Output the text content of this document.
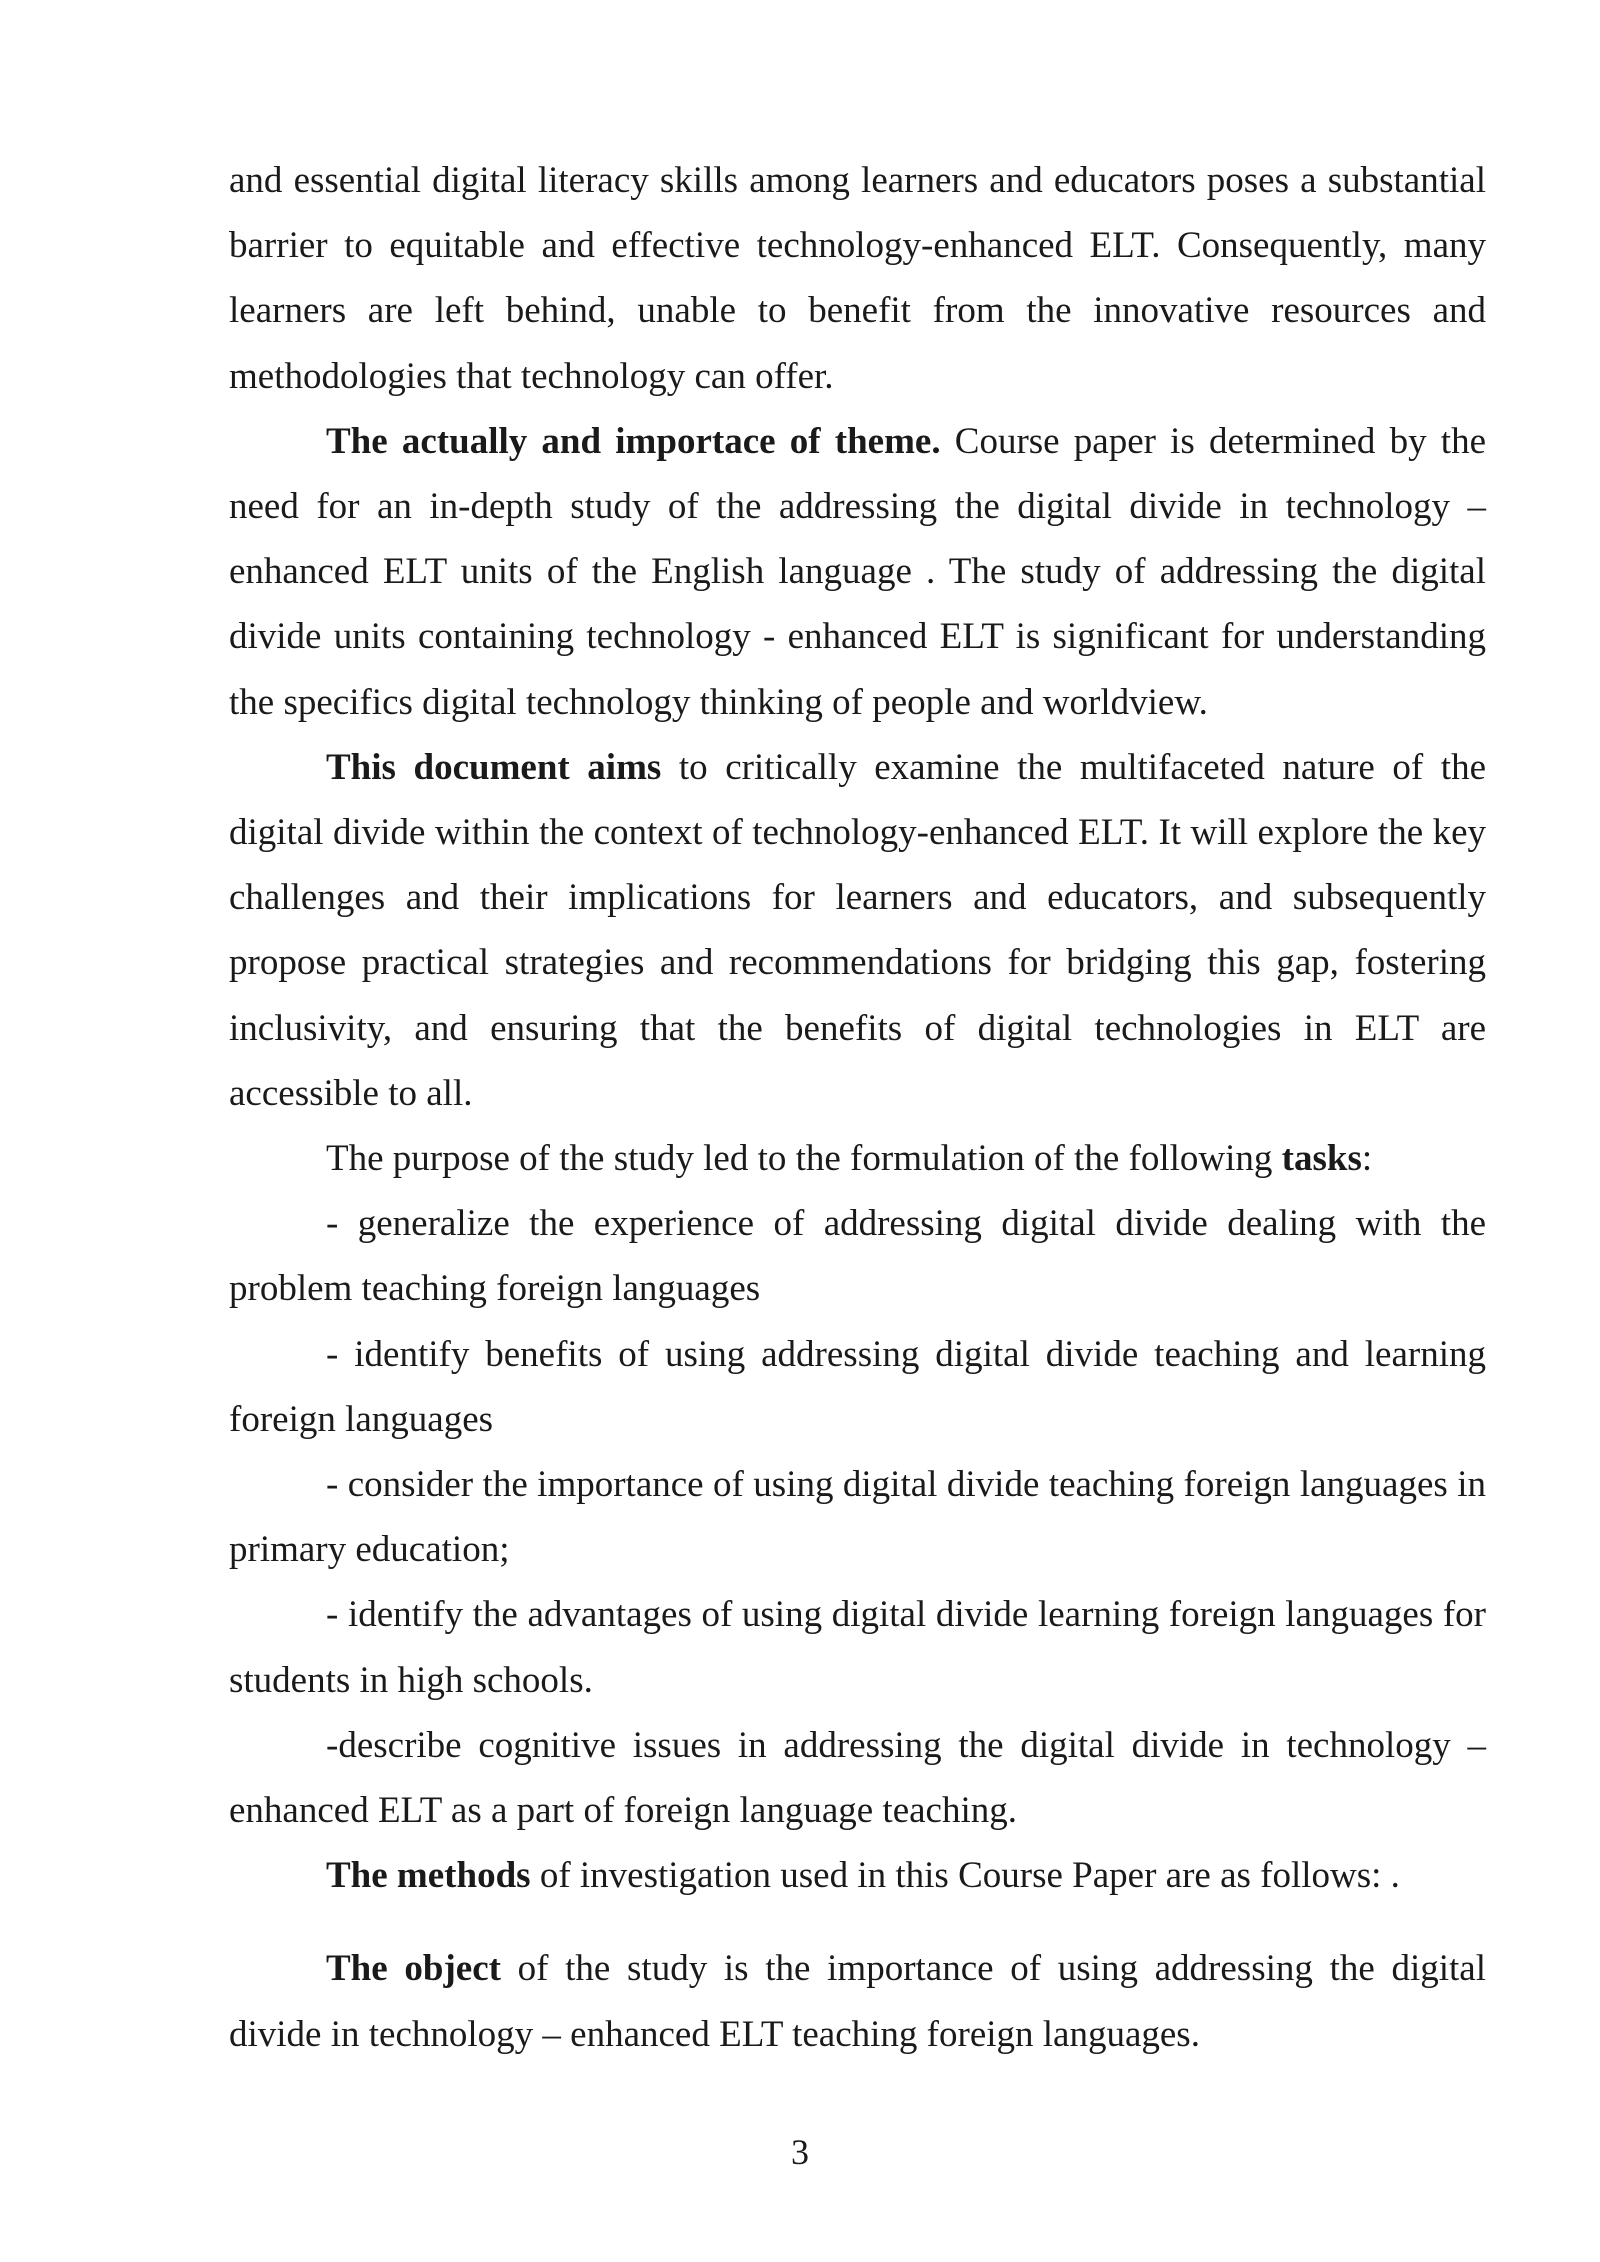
and essential digital literacy skills among learners and educators poses a substantial barrier to equitable and effective technology-enhanced ELT. Consequently, many learners are left behind, unable to benefit from the innovative resources and methodologies that technology can offer.

The actually and importace of theme. Course paper is determined by the need for an in-depth study of the addressing the digital divide in technology – enhanced ELT units of the English language . The study of addressing the digital divide units containing technology - enhanced ELT is significant for understanding the specifics digital technology thinking of people and worldview.

This document aims to critically examine the multifaceted nature of the digital divide within the context of technology-enhanced ELT. It will explore the key challenges and their implications for learners and educators, and subsequently propose practical strategies and recommendations for bridging this gap, fostering inclusivity, and ensuring that the benefits of digital technologies in ELT are accessible to all.

The purpose of the study led to the formulation of the following tasks:

- generalize the experience of addressing digital divide dealing with the problem teaching foreign languages

- identify benefits of using addressing digital divide teaching and learning foreign languages

- consider the importance of using digital divide teaching foreign languages in primary education;

- identify the advantages of using digital divide learning foreign languages for students in high schools.

-describe cognitive issues in addressing the digital divide in technology – enhanced ELT as a part of foreign language teaching.

The methods of investigation used in this Course Paper are as follows: .

The object of the study is the importance of using addressing the digital divide in technology – enhanced ELT teaching foreign languages.

3
